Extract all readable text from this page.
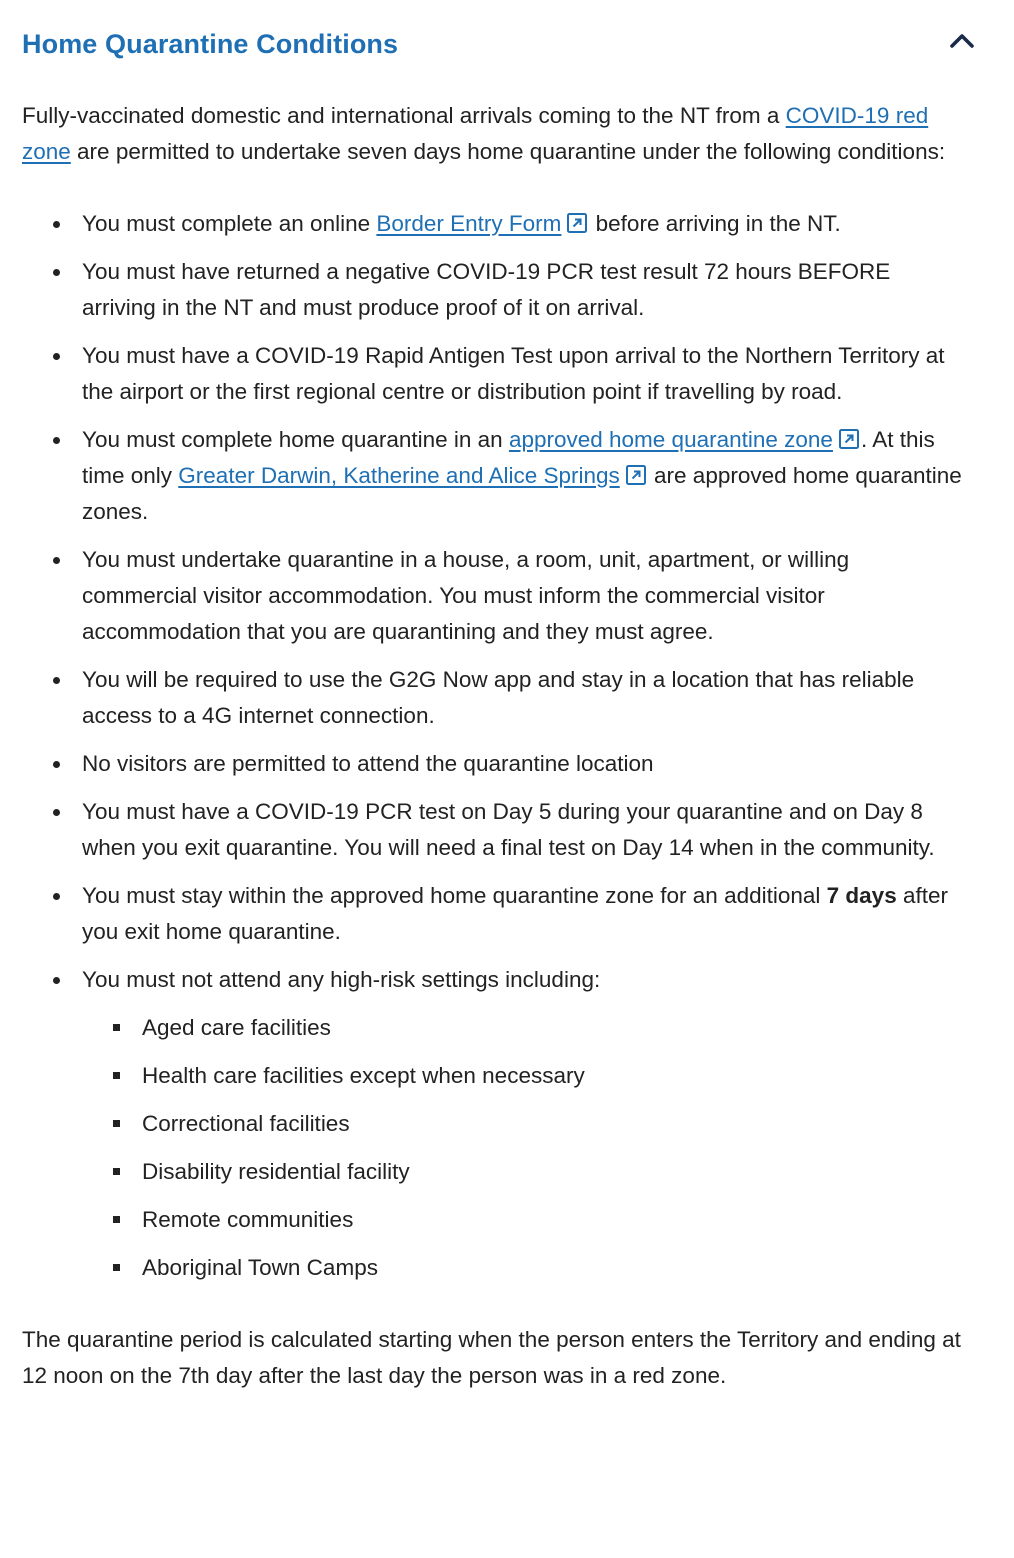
Home Quarantine Conditions

Fully-vaccinated domestic and international arrivals coming to the NT from a COVID-19 red zone are permitted to undertake seven days home quarantine under the following conditions:

You must complete an online Border Entry Form
before arriving in the NT.
You must have returned a negative COVID-19 PCR test result 72 hours BEFORE arriving in the NT and must produce proof of it on arrival.
You must have a COVID-19 Rapid Antigen Test upon arrival to the Northern Territory at the airport or the first regional centre or distribution point if travelling by road.
You must complete home quarantine in an approved home quarantine zone . At this time only Greater Darwin, Katherine and Alice Springs
are approved home quarantine zones.
You must undertake quarantine in a house, a room, unit, apartment, or willing commercial visitor accommodation. You must inform the commercial visitor accommodation that you are quarantining and they must agree.
You will be required to use the G2G Now app and stay in a location that has reliable access to a 4G internet connection.
No visitors are permitted to attend the quarantine location
You must have a COVID-19 PCR test on Day 5 during your quarantine and on Day 8 when you exit quarantine. You will need a final test on Day 14 when in the community.
You must stay within the approved home quarantine zone for an additional 7 days after you exit home quarantine.
You must not attend any high-risk settings including:
Aged care facilities
Health care facilities except when necessary
Correctional facilities
Disability residential facility
Remote communities
Aboriginal Town Camps

The quarantine period is calculated starting when the person enters the Territory and ending at 12 noon on the 7th day after the last day the person was in a red zone.
